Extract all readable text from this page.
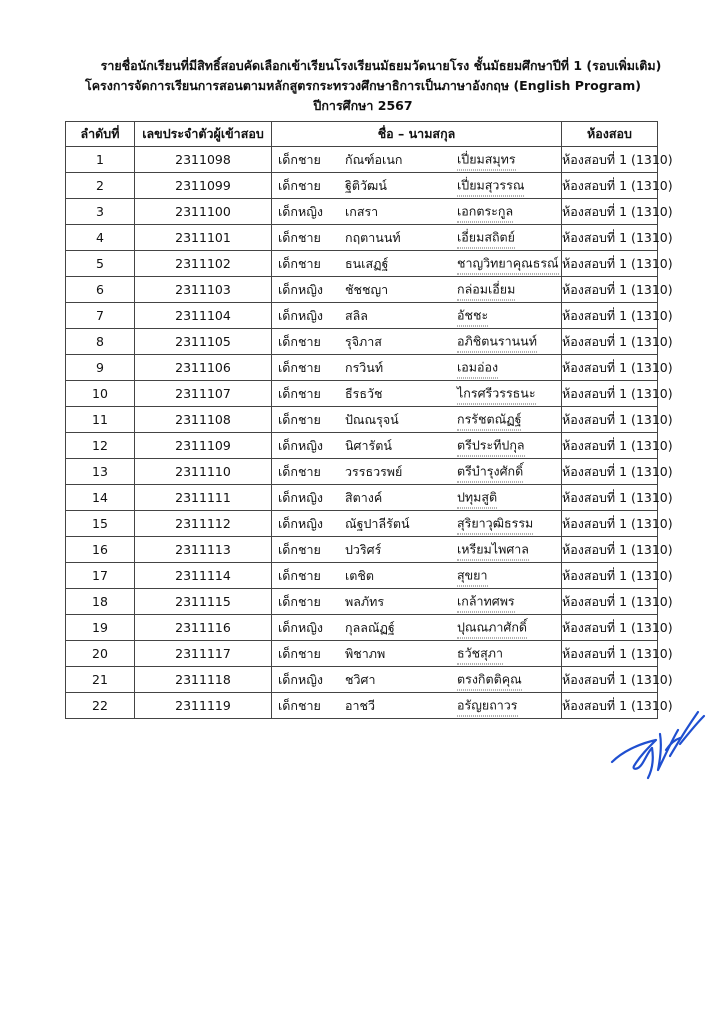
รายชื่อนักเรียนที่มีสิทธิ์สอบคัดเลือกเข้าเรียนโรงเรียนมัธยมวัดนายโรง ชั้นมัธยมศึกษาปีที่ 1 (รอบเพิ่มเติม)
โครงการจัดการเรียนการสอนตามหลักสูตรกระทรวงศึกษาธิการเป็นภาษาอังกฤษ (English Program)
ปีการศึกษา 2567
ลำดับที่	เลขประจำตัวผู้เข้าสอบ	ชื่อ – นามสกุล	ห้องสอบ
1	2311098	เด็กชาย กัณฑ์อเนก เปี่ยมสมุทร	ห้องสอบที่ 1 (1310)
2	2311099	เด็กชาย ฐิติวัฒน์ เปี่ยมสุวรรณ	ห้องสอบที่ 1 (1310)
3	2311100	เด็กหญิง เกสรา เอกตระกูล	ห้องสอบที่ 1 (1310)
4	2311101	เด็กชาย กฤตานนท์ เอี่ยมสถิตย์	ห้องสอบที่ 1 (1310)
5	2311102	เด็กชาย ธนเสฏฐ์ ชาญวิทยาคุณธรณ์	ห้องสอบที่ 1 (1310)
6	2311103	เด็กหญิง ชัชชญา กล่อมเอี่ยม	ห้องสอบที่ 1 (1310)
7	2311104	เด็กหญิง สลิล อัชชะ	ห้องสอบที่ 1 (1310)
8	2311105	เด็กชาย รุจิภาส อภิชิตนรานนท์	ห้องสอบที่ 1 (1310)
9	2311106	เด็กชาย กรวินท์ เอมอ่อง	ห้องสอบที่ 1 (1310)
10	2311107	เด็กชาย ธีรธวัช ไกรศรีวรรธนะ	ห้องสอบที่ 1 (1310)
11	2311108	เด็กชาย ปัณณรุจน์ กรรัชตณัฏฐ์	ห้องสอบที่ 1 (1310)
12	2311109	เด็กหญิง นิศารัตน์ ตรีประทีปกุล	ห้องสอบที่ 1 (1310)
13	2311110	เด็กชาย วรรธวรพย์ ตรีบำรุงศักดิ์	ห้องสอบที่ 1 (1310)
14	2311111	เด็กหญิง สิตางค์ ปทุมสูติ	ห้องสอบที่ 1 (1310)
15	2311112	เด็กหญิง ณัฐปาลีรัตน์ สุริยาวุฒิธรรม	ห้องสอบที่ 1 (1310)
16	2311113	เด็กชาย ปวริศร์ เหรียมไพศาล	ห้องสอบที่ 1 (1310)
17	2311114	เด็กชาย เตชิต สุขยา	ห้องสอบที่ 1 (1310)
18	2311115	เด็กชาย พลภัทร เกล้าทศพร	ห้องสอบที่ 1 (1310)
19	2311116	เด็กหญิง กุลลณัฏฐ์ ปุณณภาศักดิ์	ห้องสอบที่ 1 (1310)
20	2311117	เด็กชาย พิชาภพ ธวัชสุภา	ห้องสอบที่ 1 (1310)
21	2311118	เด็กหญิง ชวิศา ตรงกิตติคุณ	ห้องสอบที่ 1 (1310)
22	2311119	เด็กชาย อาชวี อรัญยถาวร	ห้องสอบที่ 1 (1310)
